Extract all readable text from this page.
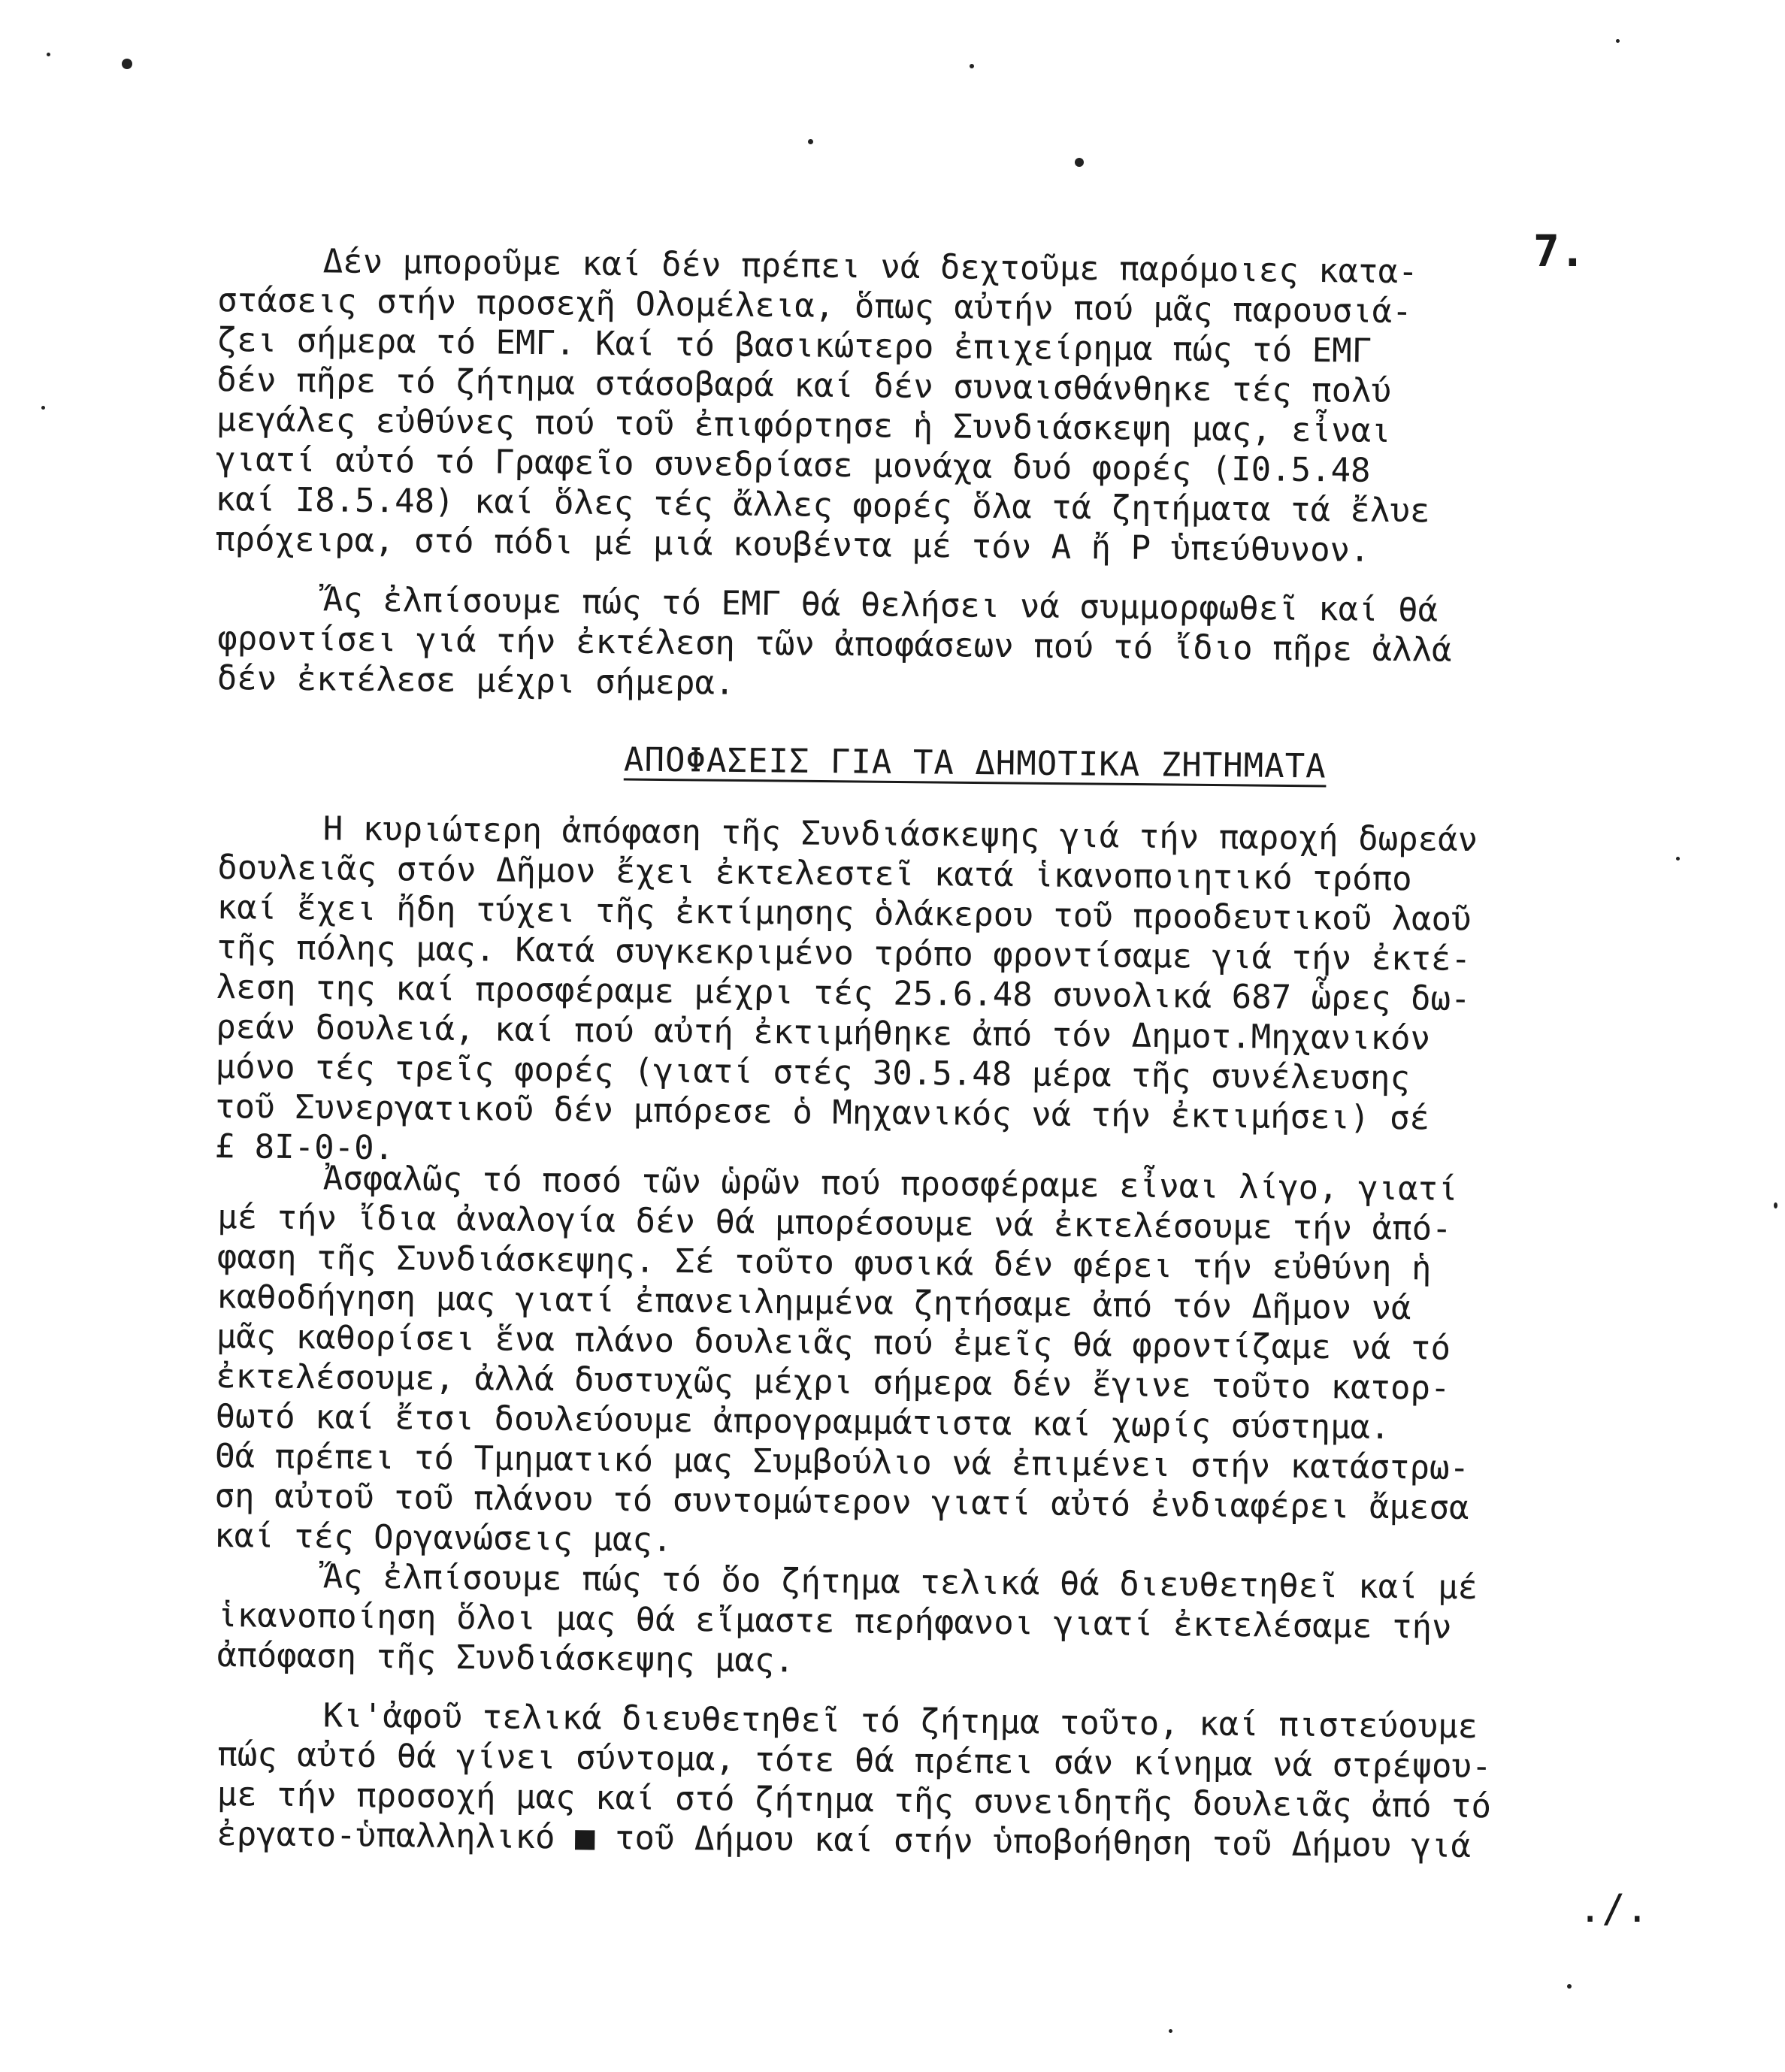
7.
Δέν μποροῦμε καί δέν πρέπει νά δεχτοῦμε παρόμοιες κατα-
στάσεις στήν προσεχῆ Ολομέλεια, ὅπως αὐτήν πού μᾶς παρουσιά-
ζει σήμερα τό ΕΜΓ. Καί τό βασικώτερο ἐπιχείρημα πώς τό ΕΜΓ
δέν πῆρε τό ζήτημα στάσοβαρά καί δέν συναισθάνθηκε τές πολύ
μεγάλες εὐθύνες πού τοῦ ἐπιφόρτησε ἡ Συνδιάσκεψη μας, εἶναι
γιατί αὐτό τό Γραφεῖο συνεδρίασε μονάχα δυό φορές (Ι0.5.48
καί Ι8.5.48) καί ὅλες τές ἄλλες φορές ὅλα τά ζητήματα τά ἔλυε
πρόχειρα, στό πόδι μέ μιά κουβέντα μέ τόν Α ἤ Ρ ὑπεύθυνον.
Ἄς ἐλπίσουμε πώς τό ΕΜΓ θά θελήσει νά συμμορφωθεῖ καί θά
φροντίσει γιά τήν ἐκτέλεση τῶν ἀποφάσεων πού τό ἴδιο πῆρε ἀλλά
δέν ἐκτέλεσε μέχρι σήμερα.
Η κυριώτερη ἀπόφαση τῆς Συνδιάσκεψης γιά τήν παροχή δωρεάν
δουλειᾶς στόν Δῆμον ἔχει ἐκτελεστεῖ κατά ἱκανοποιητικό τρόπο
καί ἔχει ἤδη τύχει τῆς ἐκτίμησης ὁλάκερου τοῦ προοδευτικοῦ λαοῦ
τῆς πόλης μας. Κατά συγκεκριμένο τρόπο φροντίσαμε γιά τήν ἐκτέ-
λεση της καί προσφέραμε μέχρι τές 25.6.48 συνολικά 687 ὧρες δω-
ρεάν δουλειά, καί πού αὐτή ἐκτιμήθηκε ἀπό τόν Δημοτ.Μηχανικόν
μόνο τές τρεῖς φορές (γιατί στές 30.5.48 μέρα τῆς συνέλευσης
τοῦ Συνεργατικοῦ δέν μπόρεσε ὁ Μηχανικός νά τήν ἐκτιμήσει) σέ
£ 8Ι-0-0.
Ἀσφαλῶς τό ποσό τῶν ὡρῶν πού προσφέραμε εἶναι λίγο, γιατί
μέ τήν ἴδια ἀναλογία δέν θά μπορέσουμε νά ἐκτελέσουμε τήν ἀπό-
φαση τῆς Συνδιάσκεψης. Σέ τοῦτο φυσικά δέν φέρει τήν εὐθύνη ἡ
καθοδήγηση μας γιατί ἐπανειλημμένα ζητήσαμε ἀπό τόν Δῆμον νά
μᾶς καθορίσει ἕνα πλάνο δουλειᾶς πού ἐμεῖς θά φροντίζαμε νά τό
ἐκτελέσουμε, ἀλλά δυστυχῶς μέχρι σήμερα δέν ἔγινε τοῦτο κατορ-
θωτό καί ἔτσι δουλεύουμε ἀπρογραμμάτιστα καί χωρίς σύστημα.
Θά πρέπει τό Τμηματικό μας Συμβούλιο νά ἐπιμένει στήν κατάστρω-
ση αὐτοῦ τοῦ πλάνου τό συντομώτερον γιατί αὐτό ἐνδιαφέρει ἄμεσα
καί τές Οργανώσεις μας.
Ἄς ἐλπίσουμε πώς τό ὅο ζήτημα τελικά θά διευθετηθεῖ καί μέ
ἱκανοποίηση ὅλοι μας θά εἴμαστε περήφανοι γιατί ἐκτελέσαμε τήν
ἀπόφαση τῆς Συνδιάσκεψης μας.
Κι'ἀφοῦ τελικά διευθετηθεῖ τό ζήτημα τοῦτο, καί πιστεύουμε
πώς αὐτό θά γίνει σύντομα, τότε θά πρέπει σάν κίνημα νά στρέψου-
με τήν προσοχή μας καί στό ζήτημα τῆς συνειδητῆς δουλειᾶς ἀπό τό
ἐργατο-ὑπαλληλικό ■ τοῦ Δήμου καί στήν ὑποβοήθηση τοῦ Δήμου γιά
ΑΠΟΦΑΣΕΙΣ ΓΙΑ ΤΑ ΔΗΜΟΤΙΚΑ ΖΗΤΗΜΑΤΑ
./.
